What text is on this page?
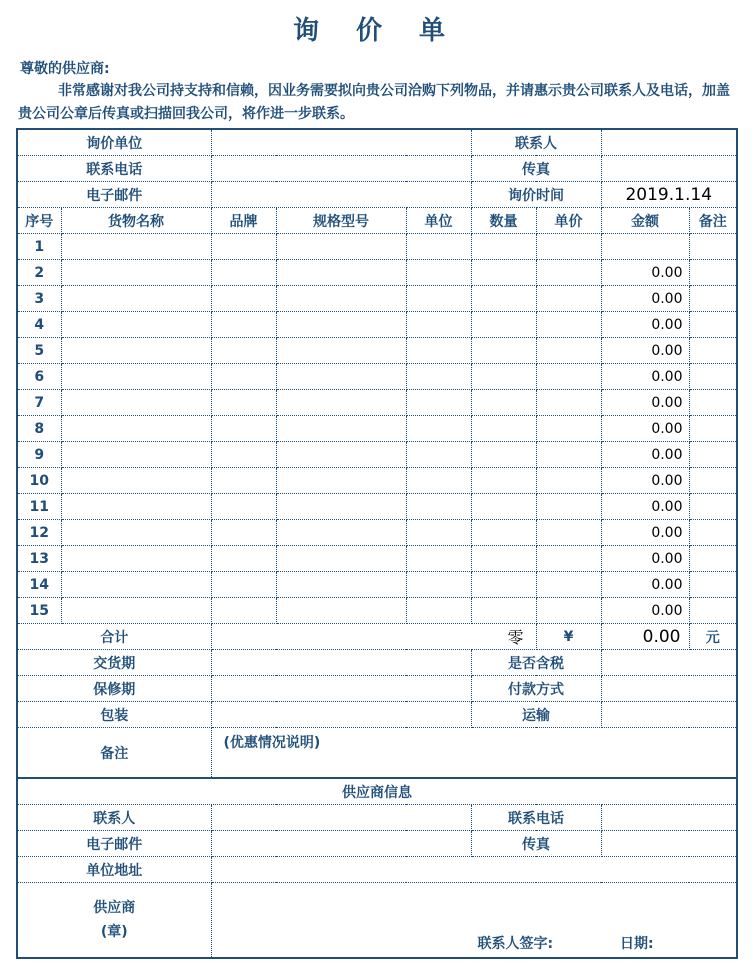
询 价 单
尊敬的供应商:
非常感谢对我公司持支持和信赖，因业务需要拟向贵公司洽购下列物品，并请惠示贵公司联系人及电话，加盖贵公司公章后传真或扫描回我公司，将作进一步联系。
询价单位					联系人			
联系电话					传真			
电子邮件					询价时间		2019.1.14	
序号	货物名称	品牌	规格型号	单位	数量	单价	金额	备注
1								
2							0.00	
3							0.00	
4							0.00	
5							0.00	
6							0.00	
7							0.00	
8							0.00	
9							0.00	
10							0.00	
11							0.00	
12							0.00	
13							0.00	
14							0.00	
15							0.00	
合计		零				¥	0.00	元
交货期					是否含税			
保修期					付款方式			
包装					运输			
备注		(优惠情况说明)						
供应商信息								
联系人					联系电话			
电子邮件					传真			
单位地址								

供应商
(章)		联系人签字: 日期:						
